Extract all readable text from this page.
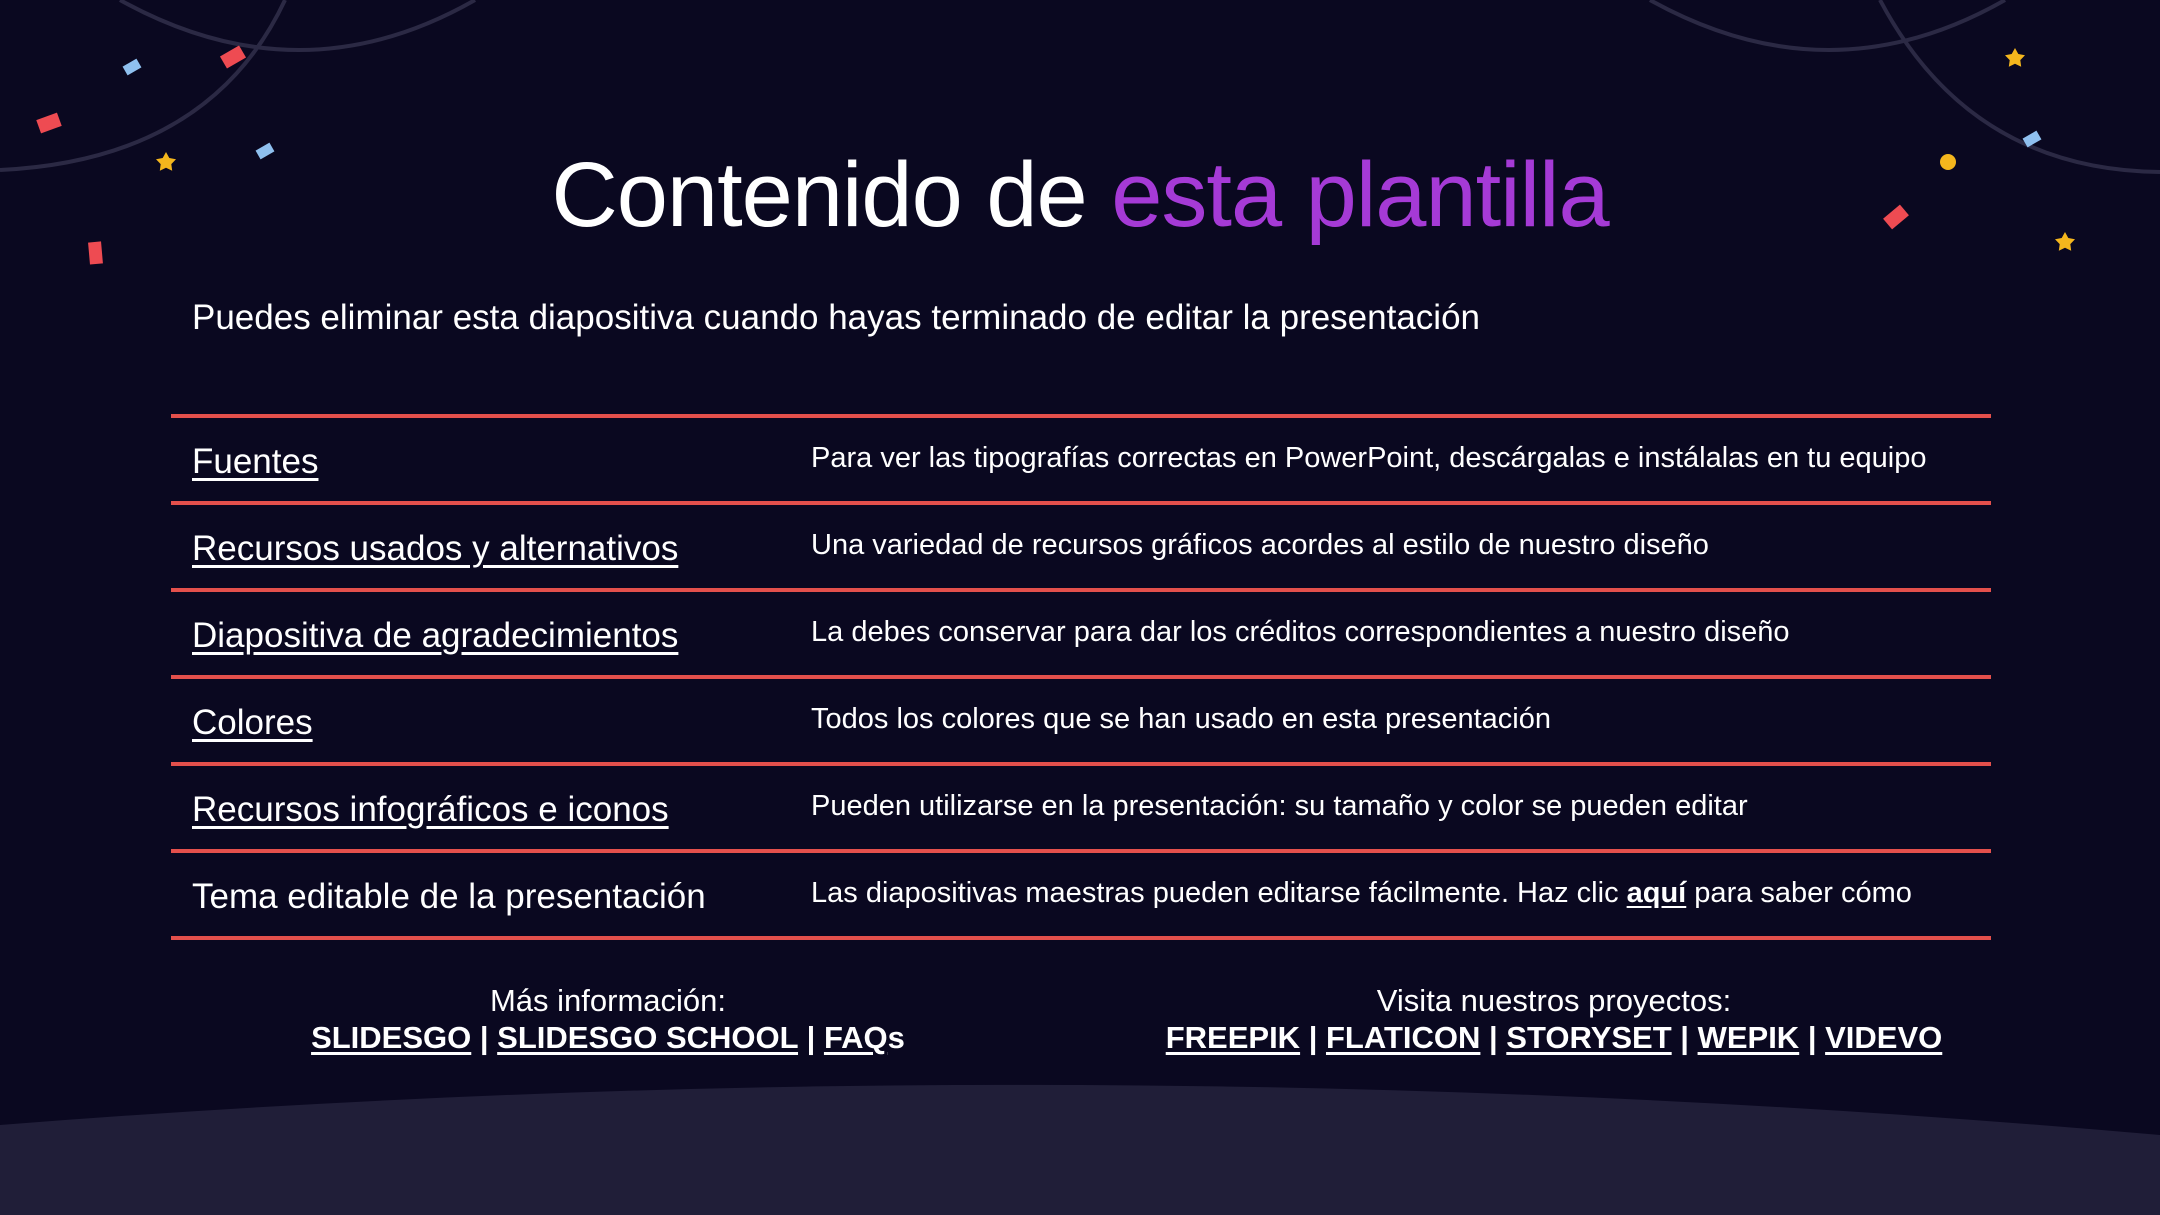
Contenido de esta plantilla
Puedes eliminar esta diapositiva cuando hayas terminado de editar la presentación
Fuentes	Para ver las tipografías correctas en PowerPoint, descárgalas e instálalas en tu equipo
Recursos usados y alternativos	Una variedad de recursos gráficos acordes al estilo de nuestro diseño
Diapositiva de agradecimientos	La debes conservar para dar los créditos correspondientes a nuestro diseño
Colores	Todos los colores que se han usado en esta presentación
Recursos infográficos e iconos	Pueden utilizarse en la presentación: su tamaño y color se pueden editar
Tema editable de la presentación	Las diapositivas maestras pueden editarse fácilmente. Haz clic aquí para saber cómo
Más información:
SLIDESGO | SLIDESGO SCHOOL | FAQs
Visita nuestros proyectos:
FREEPIK | FLATICON | STORYSET | WEPIK | VIDEVO
